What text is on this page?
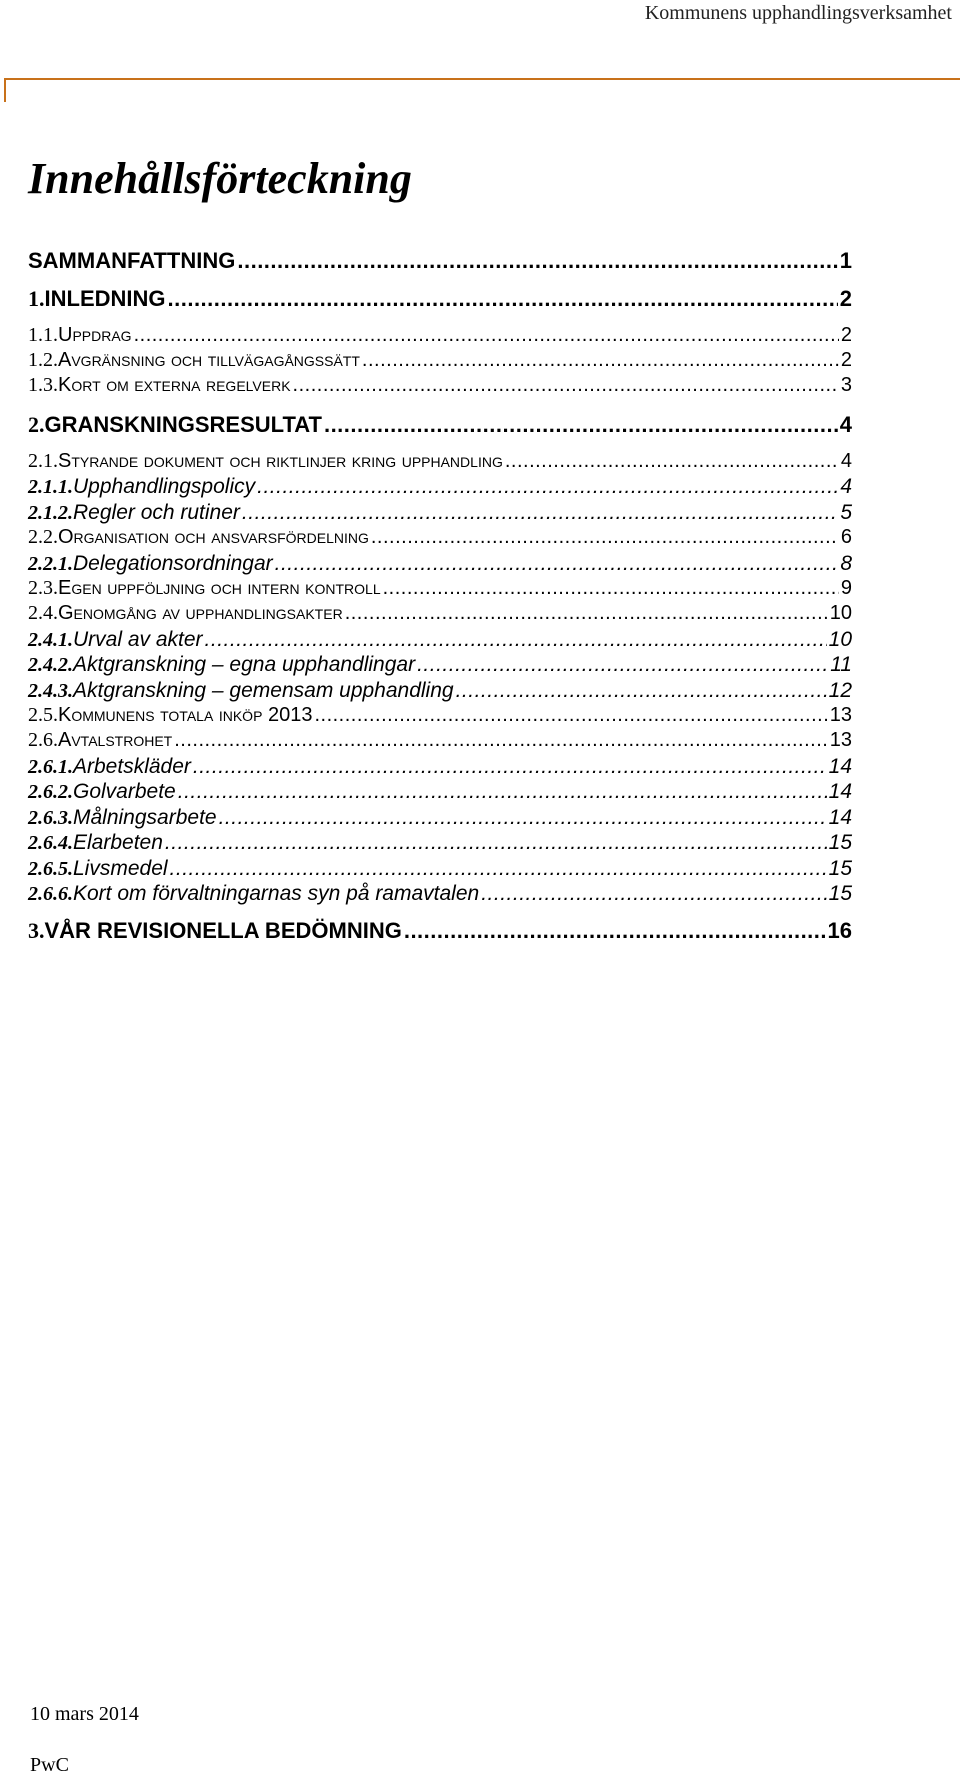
Kommunens upphandlingsverksamhet
Innehållsförteckning
SAMMANFATTNING .....	1
1. INLEDNING .....	2
1.1. Uppdrag .....	2
1.2. Avgränsning och tillvägagångssätt .....	2
1.3. Kort om externa regelverk .....	3
2. GRANSKNINGSRESULTAT .....	4
2.1. Styrande dokument och riktlinjer kring upphandling .....	4
2.1.1. Upphandlingspolicy .....	4
2.1.2. Regler och rutiner .....	5
2.2. Organisation och ansvarsfördelning .....	6
2.2.1. Delegationsordningar .....	8
2.3. Egen uppföljning och intern kontroll .....	9
2.4. Genomgång av upphandlingsakter .....	10
2.4.1. Urval av akter .....	10
2.4.2. Aktgranskning – egna upphandlingar .....	11
2.4.3. Aktgranskning – gemensam upphandling .....	12
2.5. Kommunens totala inköp 2013 .....	13
2.6. Avtalstrohet .....	13
2.6.1. Arbetskläder .....	14
2.6.2. Golvarbete .....	14
2.6.3. Målningsarbete .....	14
2.6.4. Elarbeten .....	15
2.6.5. Livsmedel .....	15
2.6.6. Kort om förvaltningarnas syn på ramavtalen .....	15
3. VÅR REVISIONELLA BEDÖMNING .....	16
10 mars 2014
PwC
